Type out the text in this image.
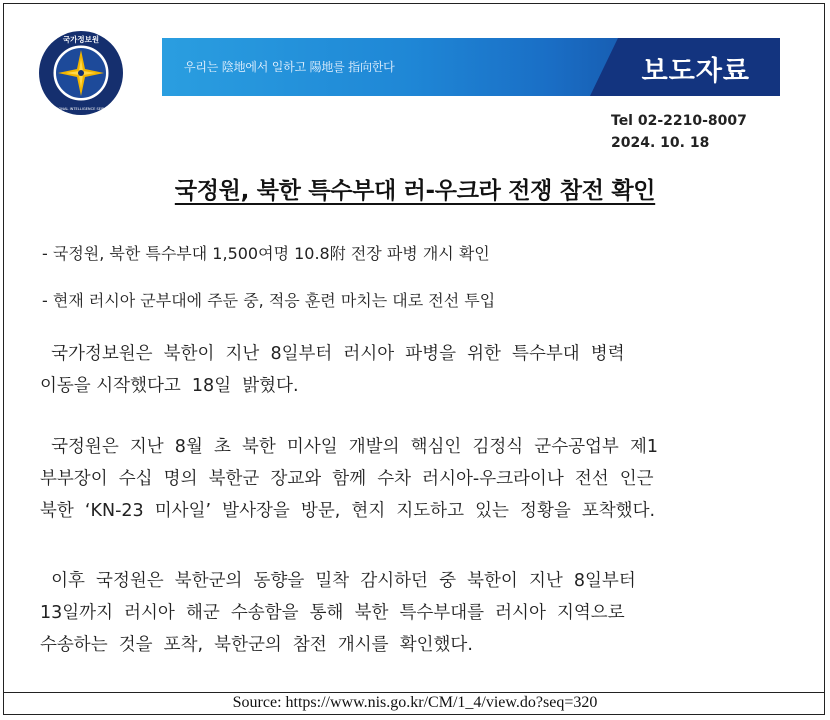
국가정보원
NATIONAL INTELLIGENCE SERVICE
우리는 陰地에서 일하고 陽地를 指向한다	보도자료
Tel 02-2210-8007
2024. 10. 18
국정원, 북한 특수부대 러-우크라 전쟁 참전 확인
- 국정원, 북한 특수부대 1,500여명 10.8附 전장 파병 개시 확인
- 현재 러시아 군부대에 주둔 중, 적응 훈련 마치는 대로 전선 투입
국가정보원은  북한이  지난  8일부터  러시아  파병을  위한  특수부대  병력
이동을 시작했다고  18일  밝혔다.
국정원은  지난  8월  초  북한  미사일  개발의  핵심인  김정식  군수공업부  제1
부부장이  수십  명의  북한군  장교와  함께  수차  러시아-우크라이나  전선  인근
북한  ‘KN-23  미사일’  발사장을  방문,  현지  지도하고  있는  정황을  포착했다.
이후  국정원은  북한군의  동향을  밀착  감시하던  중  북한이  지난  8일부터
13일까지  러시아  해군  수송함을  통해  북한  특수부대를  러시아  지역으로
수송하는  것을  포착,  북한군의  참전  개시를  확인했다.
Source: https://www.nis.go.kr/CM/1_4/view.do?seq=320
